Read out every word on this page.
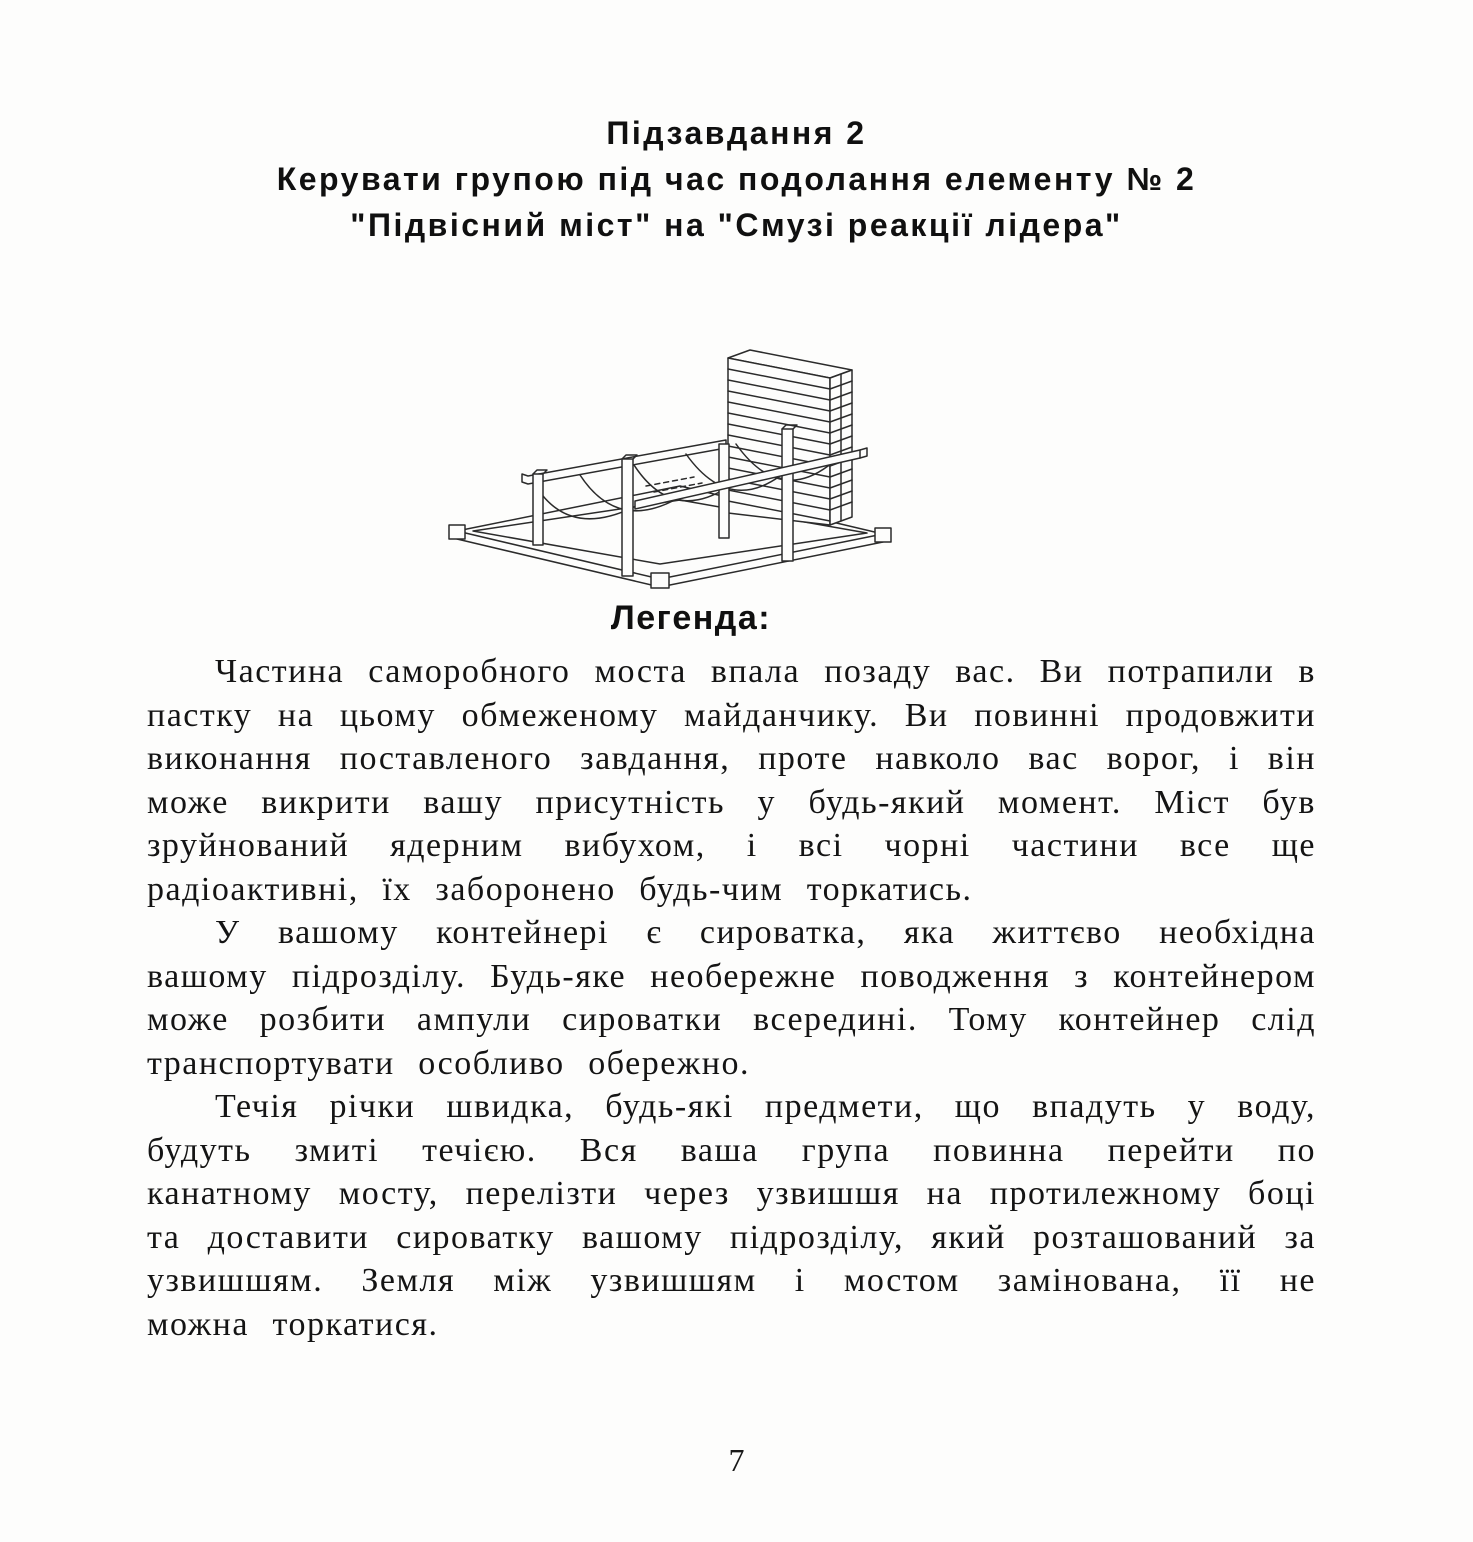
Підзавдання 2
Керувати групою під час подолання елементу № 2
"Підвісний міст" на "Смузі реакції лідера"
Легенда:

Частина саморобного моста впала позаду вас. Ви потрапили в пастку на цьому обмеженому майданчику. Ви повинні продовжити виконання поставленого завдання, проте навколо вас ворог, і він може викрити вашу присутність у будь-який момент. Міст був зруйнований ядерним вибухом, і всі чорні частини все ще радіоактивні, їх заборонено будь-чим торкатись.

У вашому контейнері є сироватка, яка життєво необхідна вашому підрозділу. Будь-яке необережне поводження з контейнером може розбити ампули сироватки всередині. Тому контейнер слід транспортувати особливо обережно.

Течія річки швидка, будь-які предмети, що впадуть у воду, будуть змиті течією. Вся ваша група повинна перейти по канатному мосту, перелізти через узвишшя на протилежному боці та доставити сироватку вашому підрозділу, який розташований за узвишшям. Земля між узвишшям і мостом замінована, її не можна торкатися.

7
